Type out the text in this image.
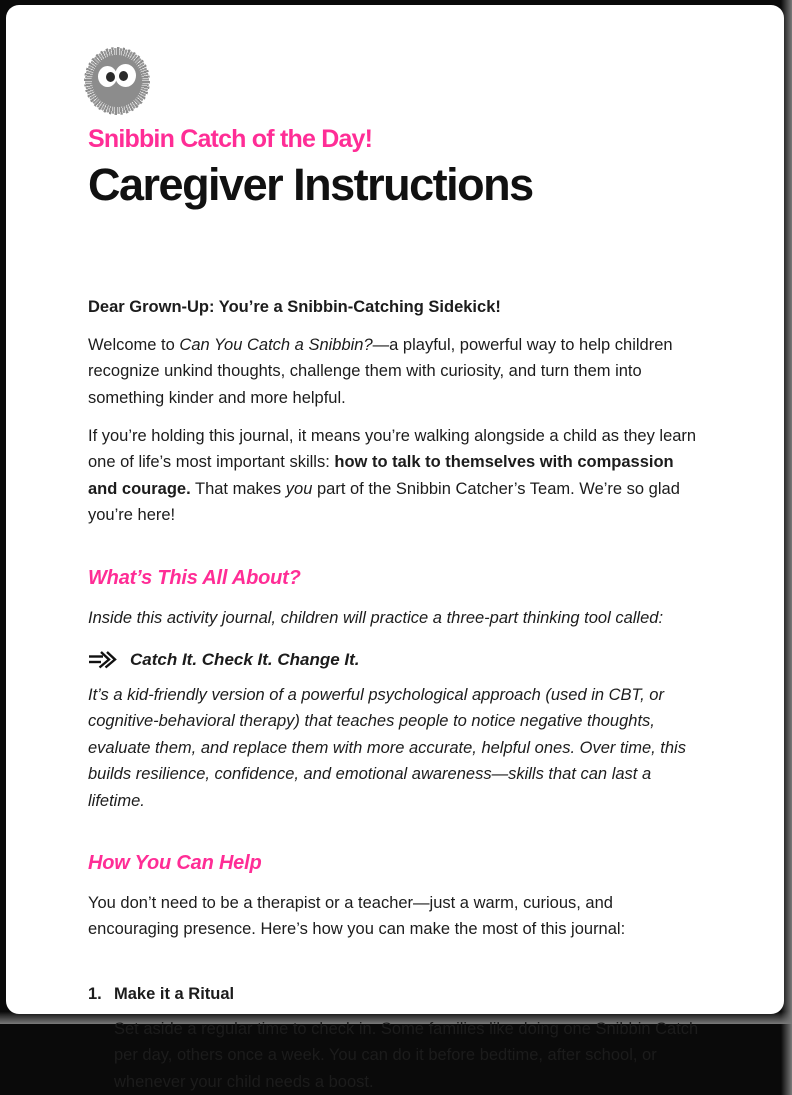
Snibbin Catch of the Day!
Caregiver Instructions

Dear Grown-Up: You’re a Snibbin-Catching Sidekick!

Welcome to Can You Catch a Snibbin?—a playful, powerful way to help children recognize unkind thoughts, challenge them with curiosity, and turn them into something kinder and more helpful.

If you’re holding this journal, it means you’re walking alongside a child as they learn one of life’s most important skills: how to talk to themselves with compassion and courage. That makes you part of the Snibbin Catcher’s Team. We’re so glad you’re here!

What’s This All About?

Inside this activity journal, children will practice a three-part thinking tool called:

Catch It. Check It. Change It.

It’s a kid-friendly version of a powerful psychological approach (used in CBT, or cognitive-behavioral therapy) that teaches people to notice negative thoughts, evaluate them, and replace them with more accurate, helpful ones. Over time, this builds resilience, confidence, and emotional awareness—skills that can last a lifetime.

How You Can Help

You don’t need to be a therapist or a teacher—just a warm, curious, and encouraging presence. Here’s how you can make the most of this journal:

1. Make it a Ritual

Set aside a regular time to check in. Some families like doing one Snibbin Catch per day, others once a week. You can do it before bedtime, after school, or whenever your child needs a boost.
